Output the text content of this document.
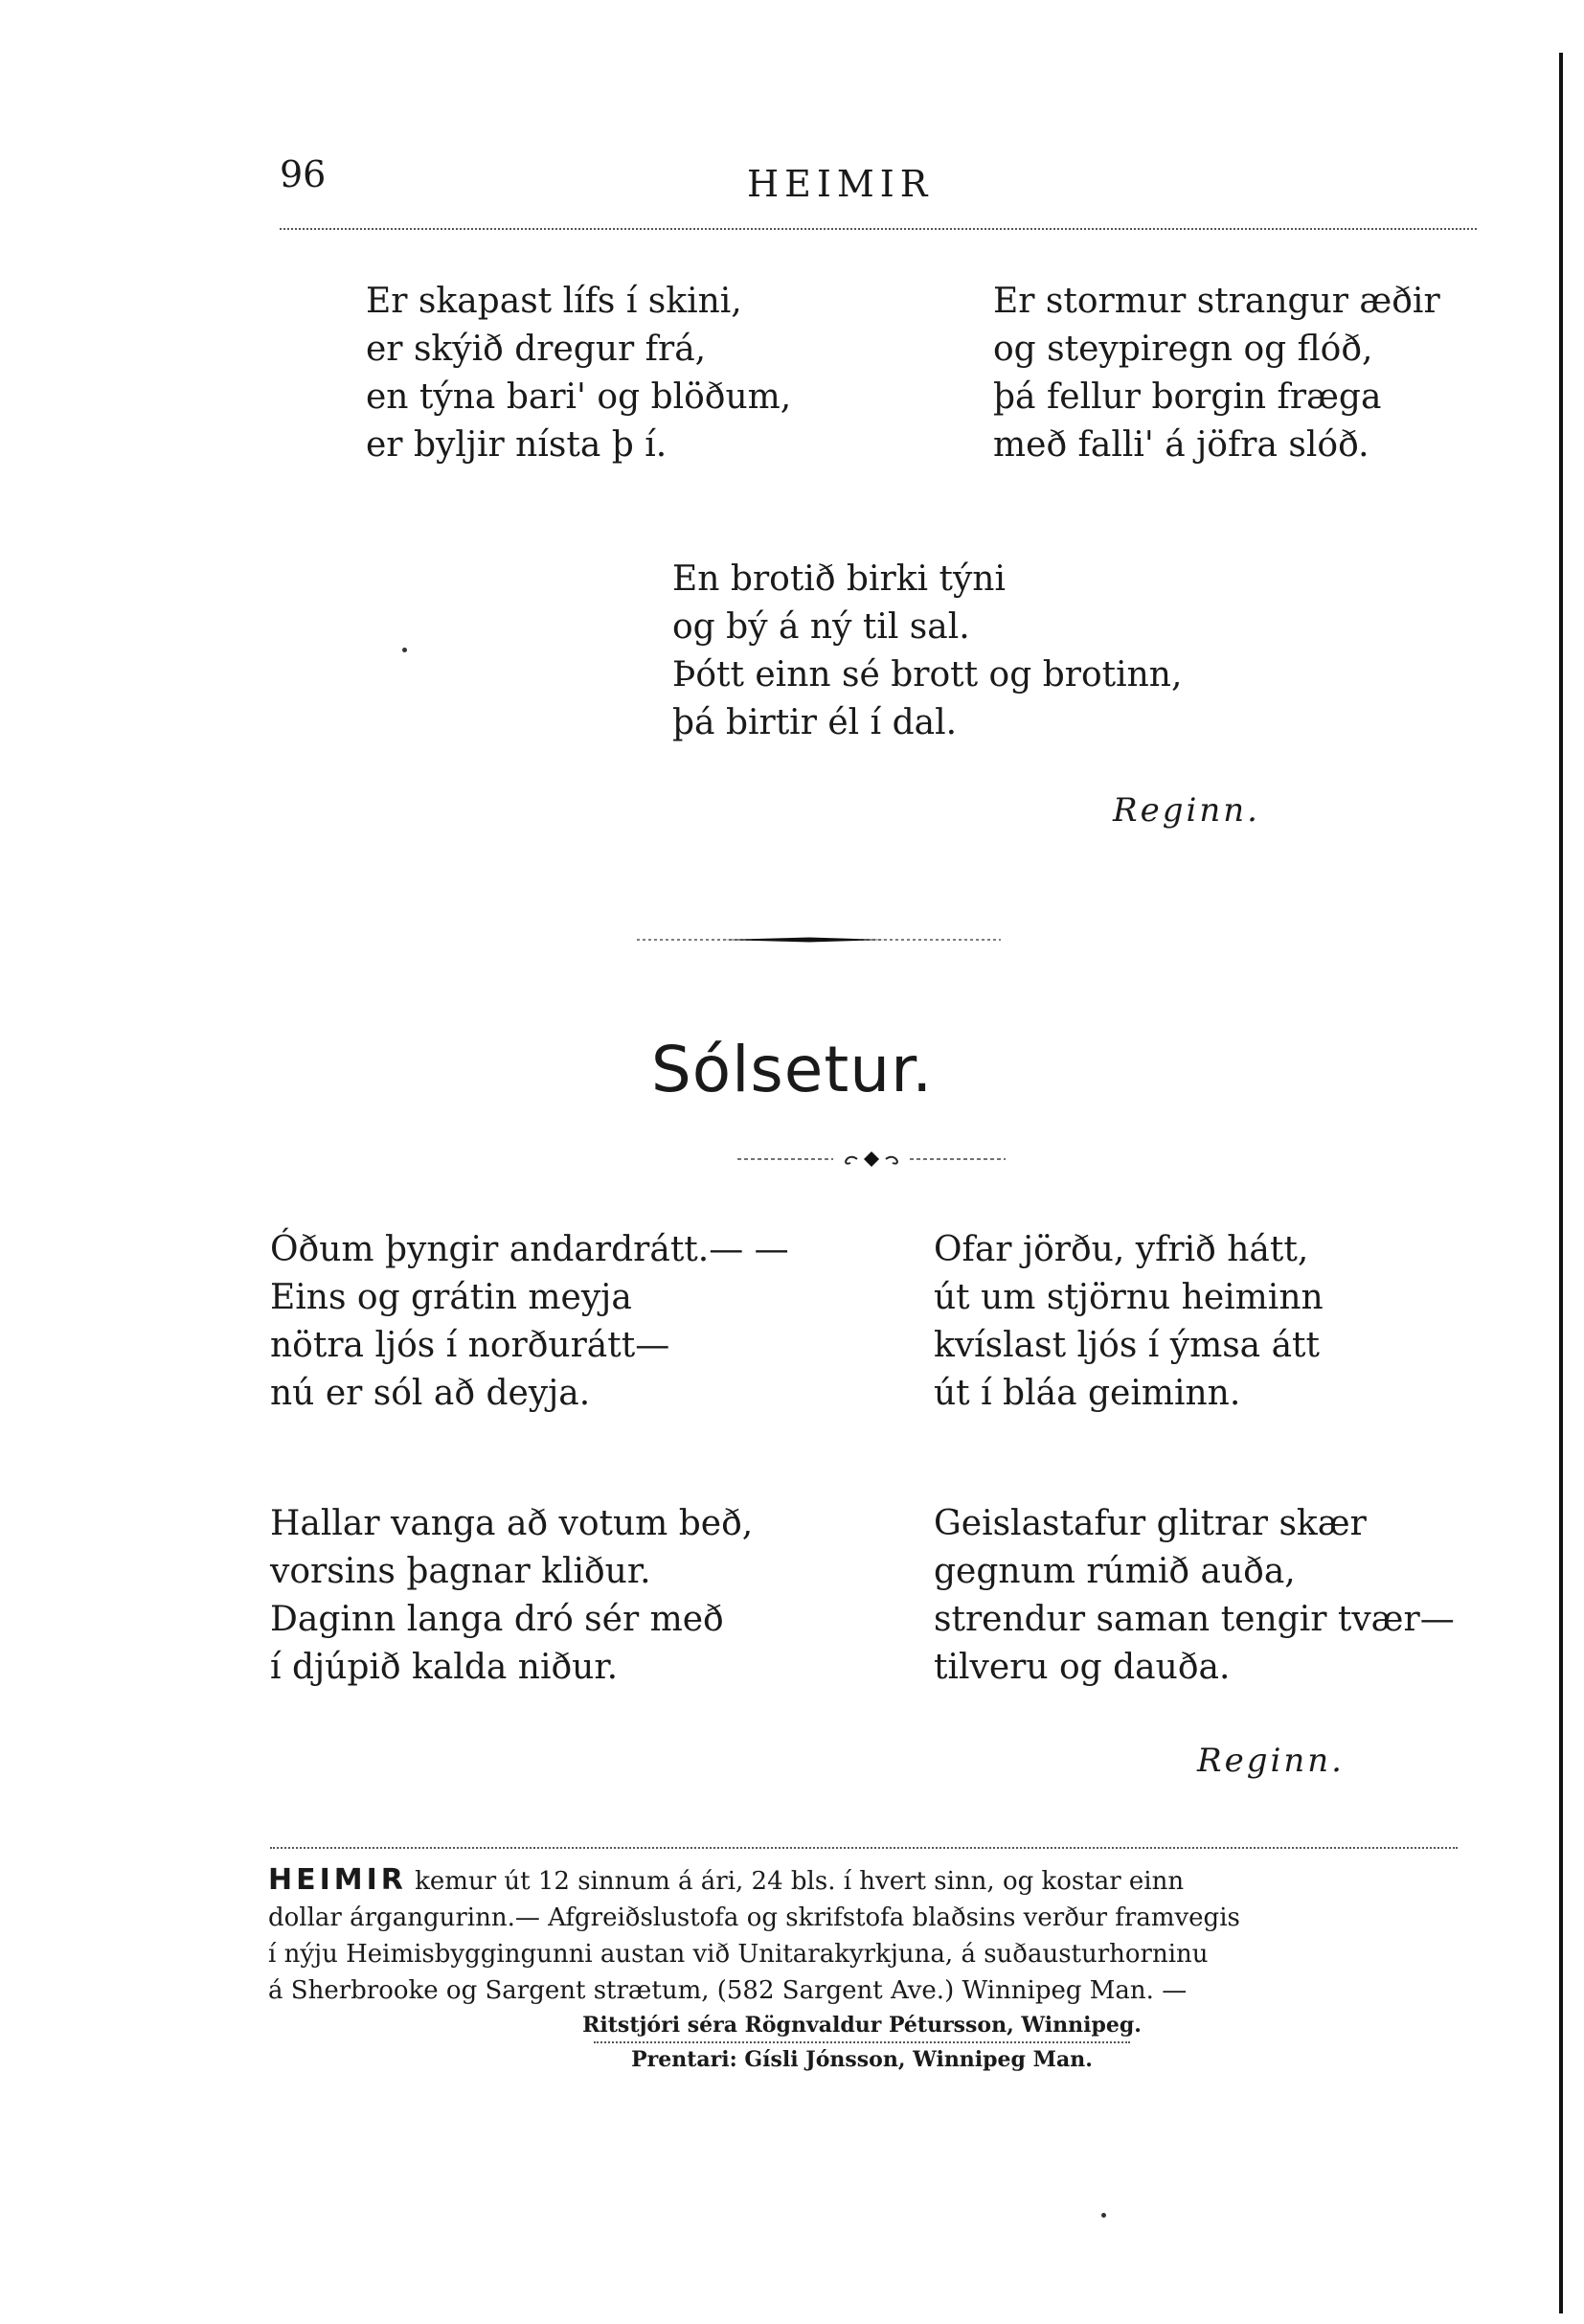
96	HEIMIR
Er skapast lífs í skini,
er skýið dregur frá,
en týna bari' og blöðum,
er byljir nísta þ í.
Er stormur strangur æðir
og steypiregn og flóð,
þá fellur borgin fræga
með falli' á jöfra slóð.
En brotið birki týni
og bý á ný til sal.
Þótt einn sé brott og brotinn,
þá birtir él í dal.
Reginn.
Sólsetur.
Óðum þyngir andardrátt.— —
Eins og grátin meyja
nötra ljós í norðurátt—
nú er sól að deyja.
Ofar jörðu, yfrið hátt,
út um stjörnu heiminn
kvíslast ljós í ýmsa átt
út í bláa geiminn.
Hallar vanga að votum beð,
vorsins þagnar kliður.
Daginn langa dró sér með
í djúpið kalda niður.
Geislastafur glitrar skær
gegnum rúmið auða,
strendur saman tengir tvær—
tilveru og dauða.
Reginn.
HEIMIR kemur út 12 sinnum á ári, 24 bls. í hvert sinn, og kostar einn
dollar árgangurinn.— Afgreiðslustofa og skrifstofa blaðsins verður framvegis
í nýju Heimisbyggingunni austan við Unitarakyrkjuna, á suðausturhorninu
á Sherbrooke og Sargent strætum, (582 Sargent Ave.) Winnipeg Man. —
Ritstjóri séra Rögnvaldur Pétursson, Winnipeg.
Prentari: Gísli Jónsson, Winnipeg Man.
